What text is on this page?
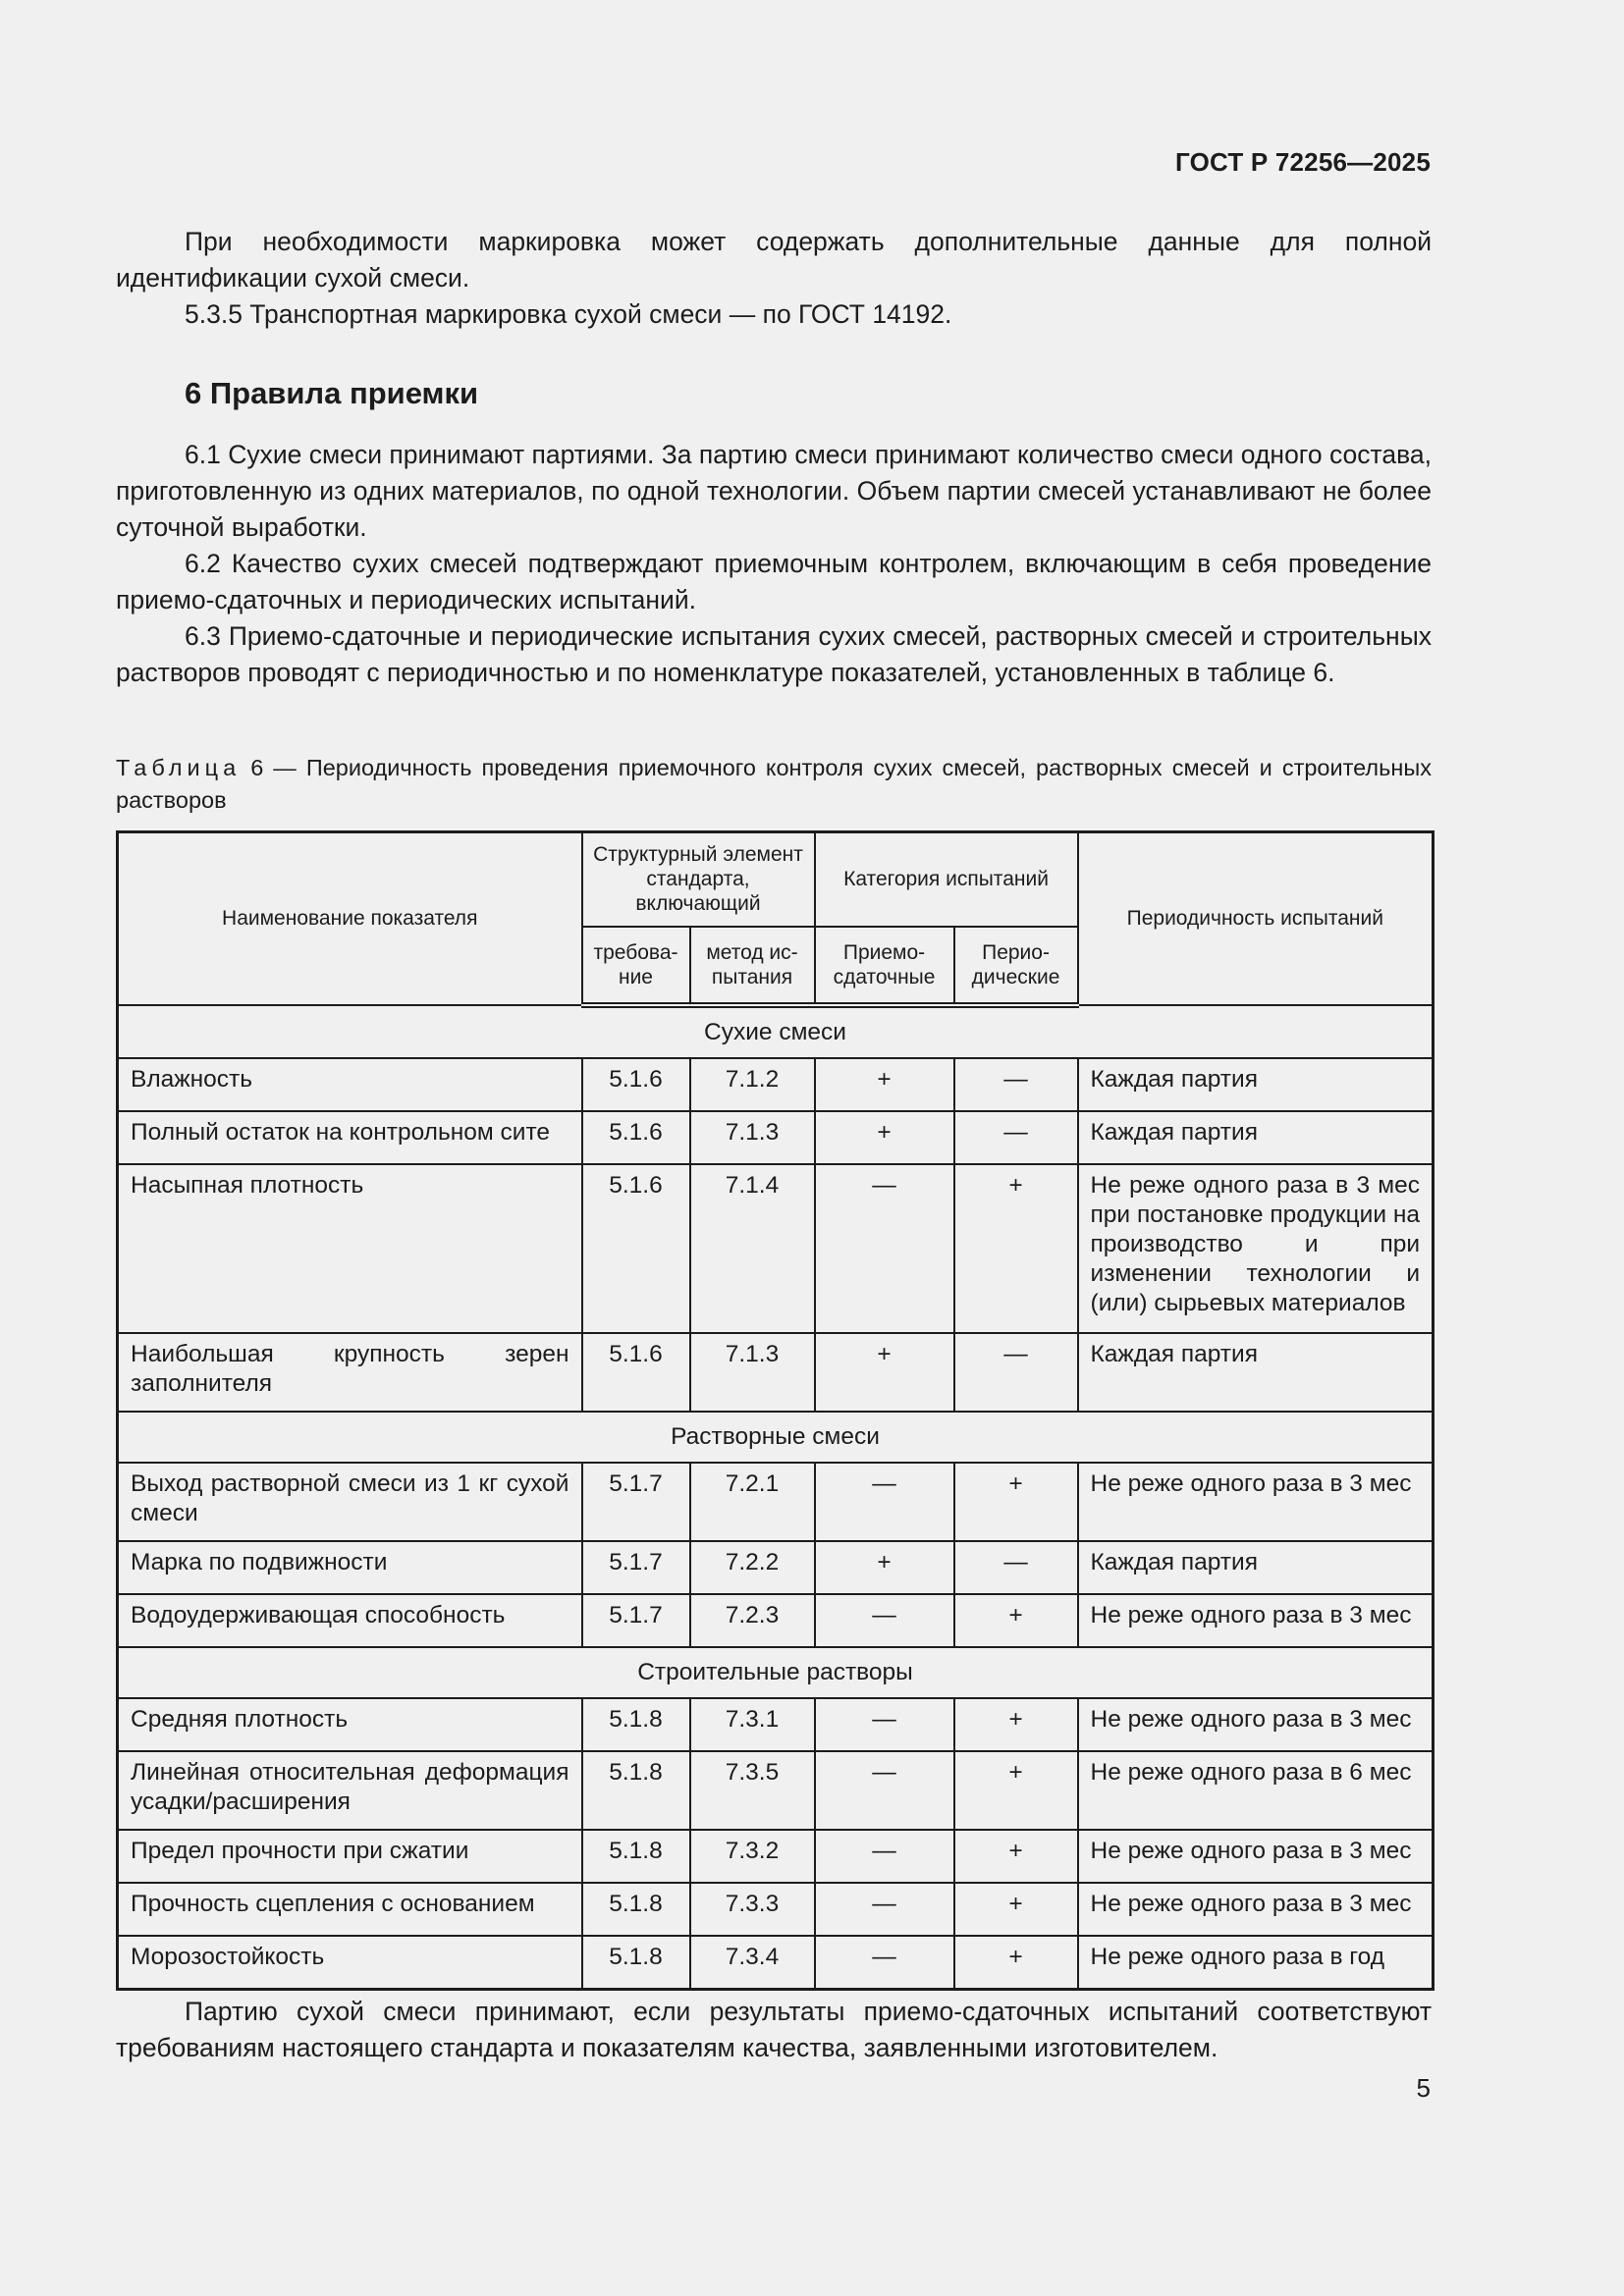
ГОСТ Р 72256—2025

При необходимости маркировка может содержать дополнительные данные для полной идентификации сухой смеси.

5.3.5 Транспортная маркировка сухой смеси — по ГОСТ 14192.

6 Правила приемки

6.1 Сухие смеси принимают партиями. За партию смеси принимают количество смеси одного состава, приготовленную из одних материалов, по одной технологии. Объем партии смесей устанавливают не более суточной выработки.

6.2 Качество сухих смесей подтверждают приемочным контролем, включающим в себя проведение приемо-сдаточных и периодических испытаний.

6.3 Приемо-сдаточные и периодические испытания сухих смесей, растворных смесей и строительных растворов проводят с периодичностью и по номенклатуре показателей, установленных в таблице 6.

Таблица 6 — Периодичность проведения приемочного контроля сухих смесей, растворных смесей и строительных растворов
Наименование показателя	Структурный элемент стандарта, включающий		Категория испытаний		Периодичность испытаний
	требова-ние	метод ис-пытания	Приемо-сдаточные	Перио-дические	
Сухие смеси					
Влажность	5.1.6	7.1.2	+	—	Каждая партия
Полный остаток на контрольном сите	5.1.6	7.1.3	+	—	Каждая партия
Насыпная плотность	5.1.6	7.1.4	—	+	Не реже одного раза в 3 мес при постановке продукции на производство и при изменении технологии и (или) сырьевых материалов
Наибольшая крупность зерен заполнителя	5.1.6	7.1.3	+	—	Каждая партия
Растворные смеси					
Выход растворной смеси из 1 кг сухой смеси	5.1.7	7.2.1	—	+	Не реже одного раза в 3 мес
Марка по подвижности	5.1.7	7.2.2	+	—	Каждая партия
Водоудерживающая способность	5.1.7	7.2.3	—	+	Не реже одного раза в 3 мес
Строительные растворы					
Средняя плотность	5.1.8	7.3.1	—	+	Не реже одного раза в 3 мес
Линейная относительная деформация усадки/расширения	5.1.8	7.3.5	—	+	Не реже одного раза в 6 мес
Предел прочности при сжатии	5.1.8	7.3.2	—	+	Не реже одного раза в 3 мес
Прочность сцепления с основанием	5.1.8	7.3.3	—	+	Не реже одного раза в 3 мес
Морозостойкость	5.1.8	7.3.4	—	+	Не реже одного раза в год

Партию сухой смеси принимают, если результаты приемо-сдаточных испытаний соответствуют требованиям настоящего стандарта и показателям качества, заявленными изготовителем.

5
